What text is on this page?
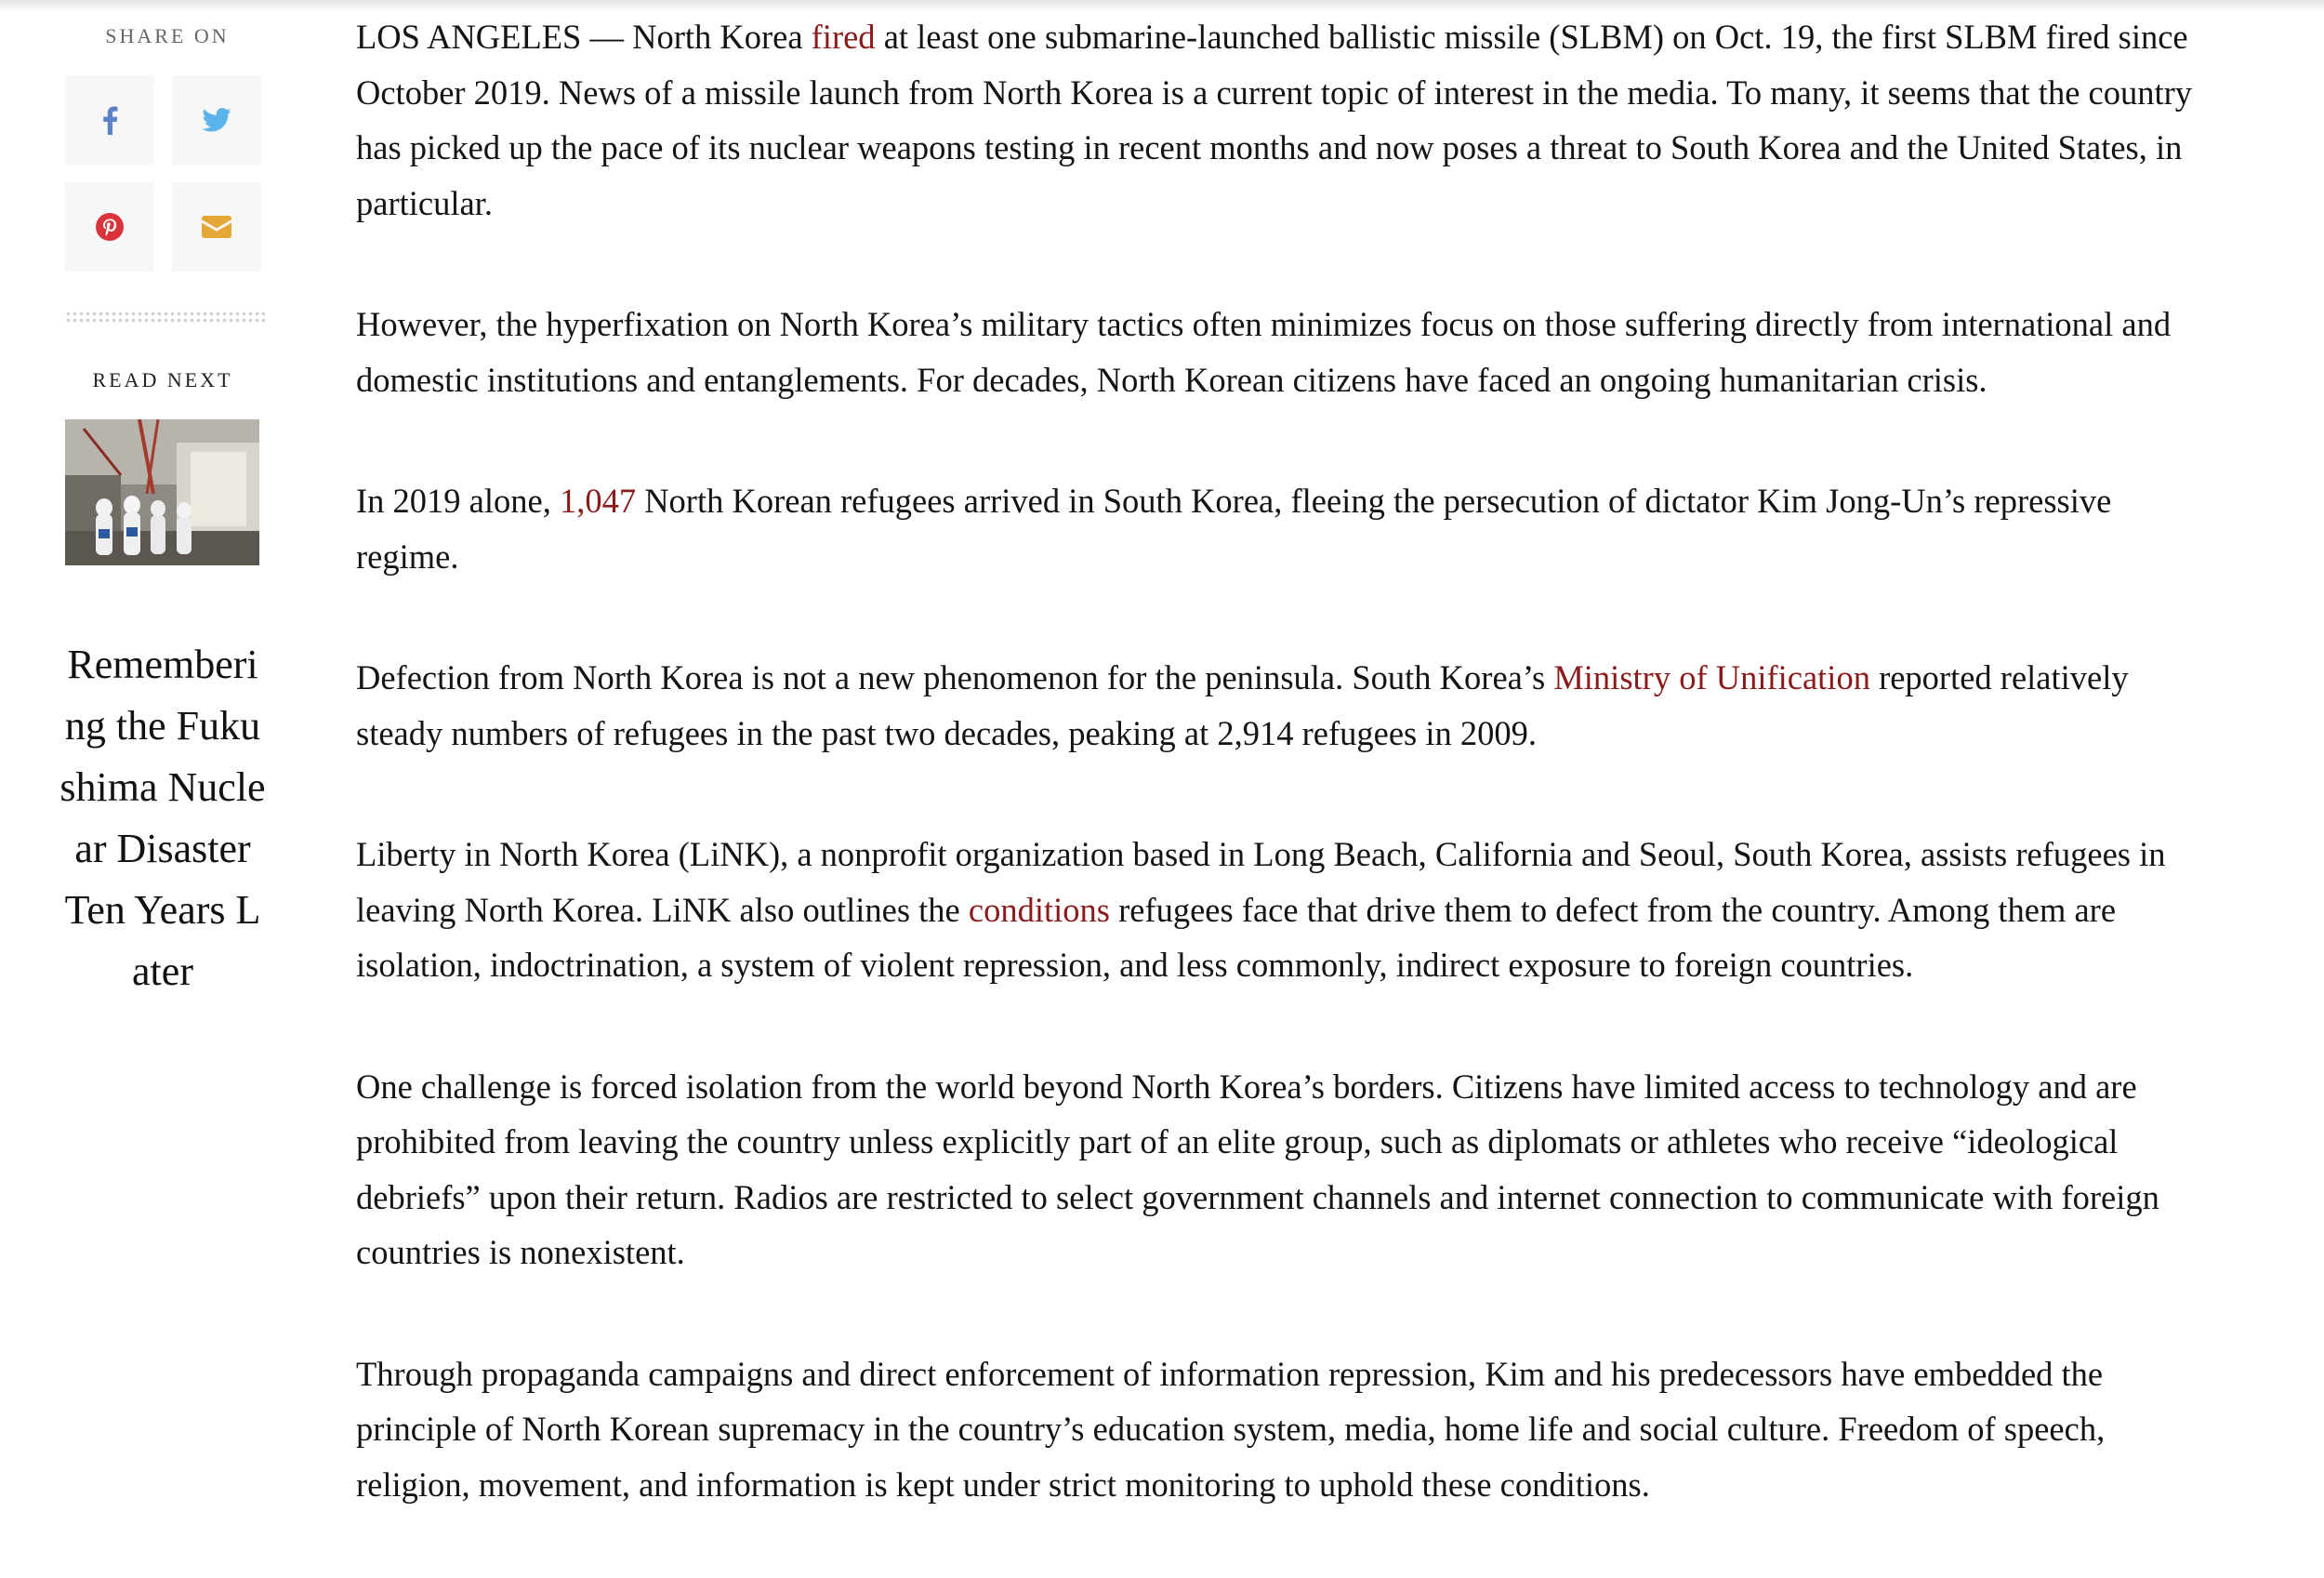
SHARE ON
READ NEXT
Remembering the Fukushima Nuclear Disaster Ten Years Later

LOS ANGELES — North Korea fired at least one submarine-launched ballistic missile (SLBM) on Oct. 19, the first SLBM fired since October 2019. News of a missile launch from North Korea is a current topic of interest in the media. To many, it seems that the country has picked up the pace of its nuclear weapons testing in recent months and now poses a threat to South Korea and the United States, in particular.

However, the hyperfixation on North Korea’s military tactics often minimizes focus on those suffering directly from international and domestic institutions and entanglements. For decades, North Korean citizens have faced an ongoing humanitarian crisis.

In 2019 alone, 1,047 North Korean refugees arrived in South Korea, fleeing the persecution of dictator Kim Jong-Un’s repressive regime.

Defection from North Korea is not a new phenomenon for the peninsula. South Korea’s Ministry of Unification reported relatively steady numbers of refugees in the past two decades, peaking at 2,914 refugees in 2009.

Liberty in North Korea (LiNK), a nonprofit organization based in Long Beach, California and Seoul, South Korea, assists refugees in leaving North Korea. LiNK also outlines the conditions refugees face that drive them to defect from the country. Among them are isolation, indoctrination, a system of violent repression, and less commonly, indirect exposure to foreign countries.

One challenge is forced isolation from the world beyond North Korea’s borders. Citizens have limited access to technology and are prohibited from leaving the country unless explicitly part of an elite group, such as diplomats or athletes who receive “ideological debriefs” upon their return. Radios are restricted to select government channels and internet connection to communicate with foreign countries is nonexistent.

Through propaganda campaigns and direct enforcement of information repression, Kim and his predecessors have embedded the principle of North Korean supremacy in the country’s education system, media, home life and social culture. Freedom of speech, religion, movement, and information is kept under strict monitoring to uphold these conditions.
